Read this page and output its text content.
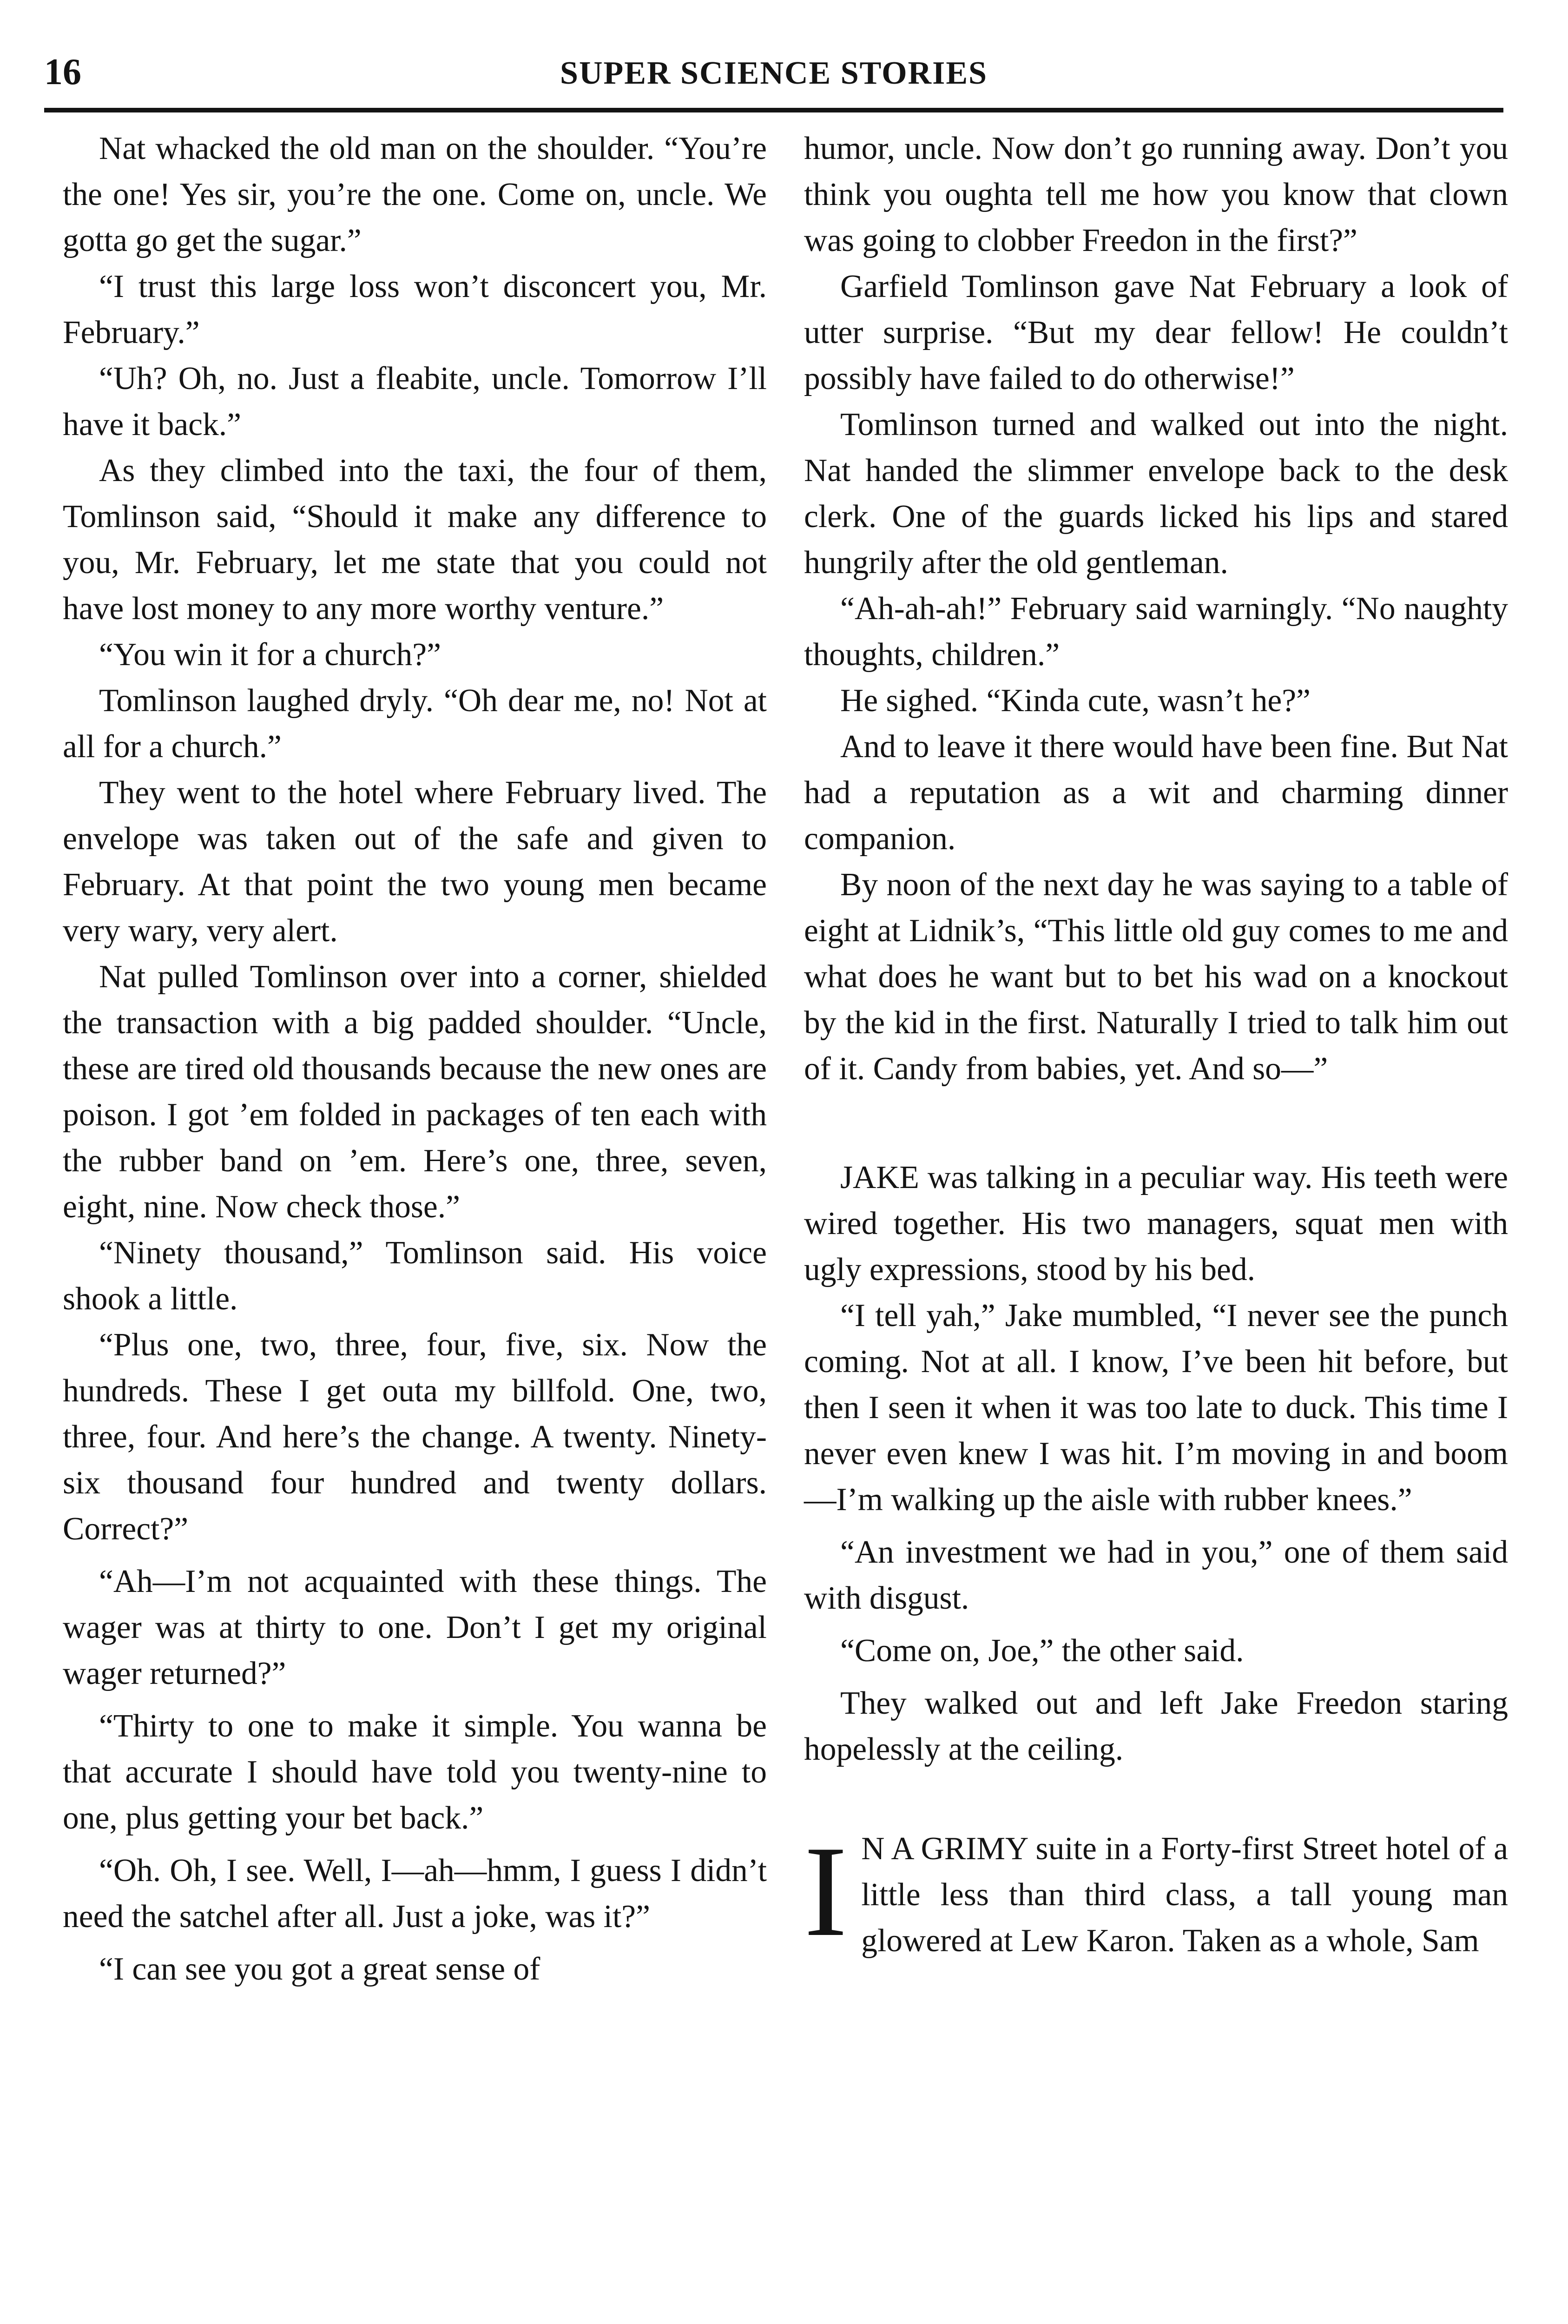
16	SUPER SCIENCE STORIES

Nat whacked the old man on the shoulder. “You’re the one! Yes sir, you’re the one. Come on, uncle. We gotta go get the sugar.”

“I trust this large loss won’t disconcert you, Mr. February.”

“Uh? Oh, no. Just a fleabite, uncle. Tomorrow I’ll have it back.”

As they climbed into the taxi, the four of them, Tomlinson said, “Should it make any difference to you, Mr. February, let me state that you could not have lost money to any more worthy venture.”

“You win it for a church?”

Tomlinson laughed dryly. “Oh dear me, no! Not at all for a church.”

They went to the hotel where February lived. The envelope was taken out of the safe and given to February. At that point the two young men became very wary, very alert.

Nat pulled Tomlinson over into a corner, shielded the transaction with a big padded shoulder. “Uncle, these are tired old thousands because the new ones are poison. I got ’em folded in packages of ten each with the rubber band on ’em. Here’s one, three, seven, eight, nine. Now check those.”

“Ninety thousand,” Tomlinson said. His voice shook a little.

“Plus one, two, three, four, five, six. Now the hundreds. These I get outa my billfold. One, two, three, four. And here’s the change. A twenty. Ninety-six thousand four hundred and twenty dollars. Correct?”

“Ah—I’m not acquainted with these things. The wager was at thirty to one. Don’t I get my original wager returned?”

“Thirty to one to make it simple. You wanna be that accurate I should have told you twenty-nine to one, plus getting your bet back.”

“Oh. Oh, I see. Well, I—ah—hmm, I guess I didn’t need the satchel after all. Just a joke, was it?”

“I can see you got a great sense of

humor, uncle. Now don’t go running away. Don’t you think you oughta tell me how you know that clown was going to clobber Freedon in the first?”

Garfield Tomlinson gave Nat February a look of utter surprise. “But my dear fellow! He couldn’t possibly have failed to do otherwise!”

Tomlinson turned and walked out into the night. Nat handed the slimmer envelope back to the desk clerk. One of the guards licked his lips and stared hungrily after the old gentleman.

“Ah-ah-ah!” February said warningly. “No naughty thoughts, children.”

He sighed. “Kinda cute, wasn’t he?”

And to leave it there would have been fine. But Nat had a reputation as a wit and charming dinner companion.

By noon of the next day he was saying to a table of eight at Lidnik’s, “This little old guy comes to me and what does he want but to bet his wad on a knockout by the kid in the first. Naturally I tried to talk him out of it. Candy from babies, yet. And so—”

JAKE was talking in a peculiar way. His teeth were wired together. His two managers, squat men with ugly expressions, stood by his bed.

“I tell yah,” Jake mumbled, “I never see the punch coming. Not at all. I know, I’ve been hit before, but then I seen it when it was too late to duck. This time I never even knew I was hit. I’m moving in and boom—I’m walking up the aisle with rubber knees.”

“An investment we had in you,” one of them said with disgust.

“Come on, Joe,” the other said.

They walked out and left Jake Freedon staring hopelessly at the ceiling.

I N A GRIMY suite in a Forty-first Street hotel of a little less than third class, a tall young man glowered at Lew Karon. Taken as a whole, Sam
